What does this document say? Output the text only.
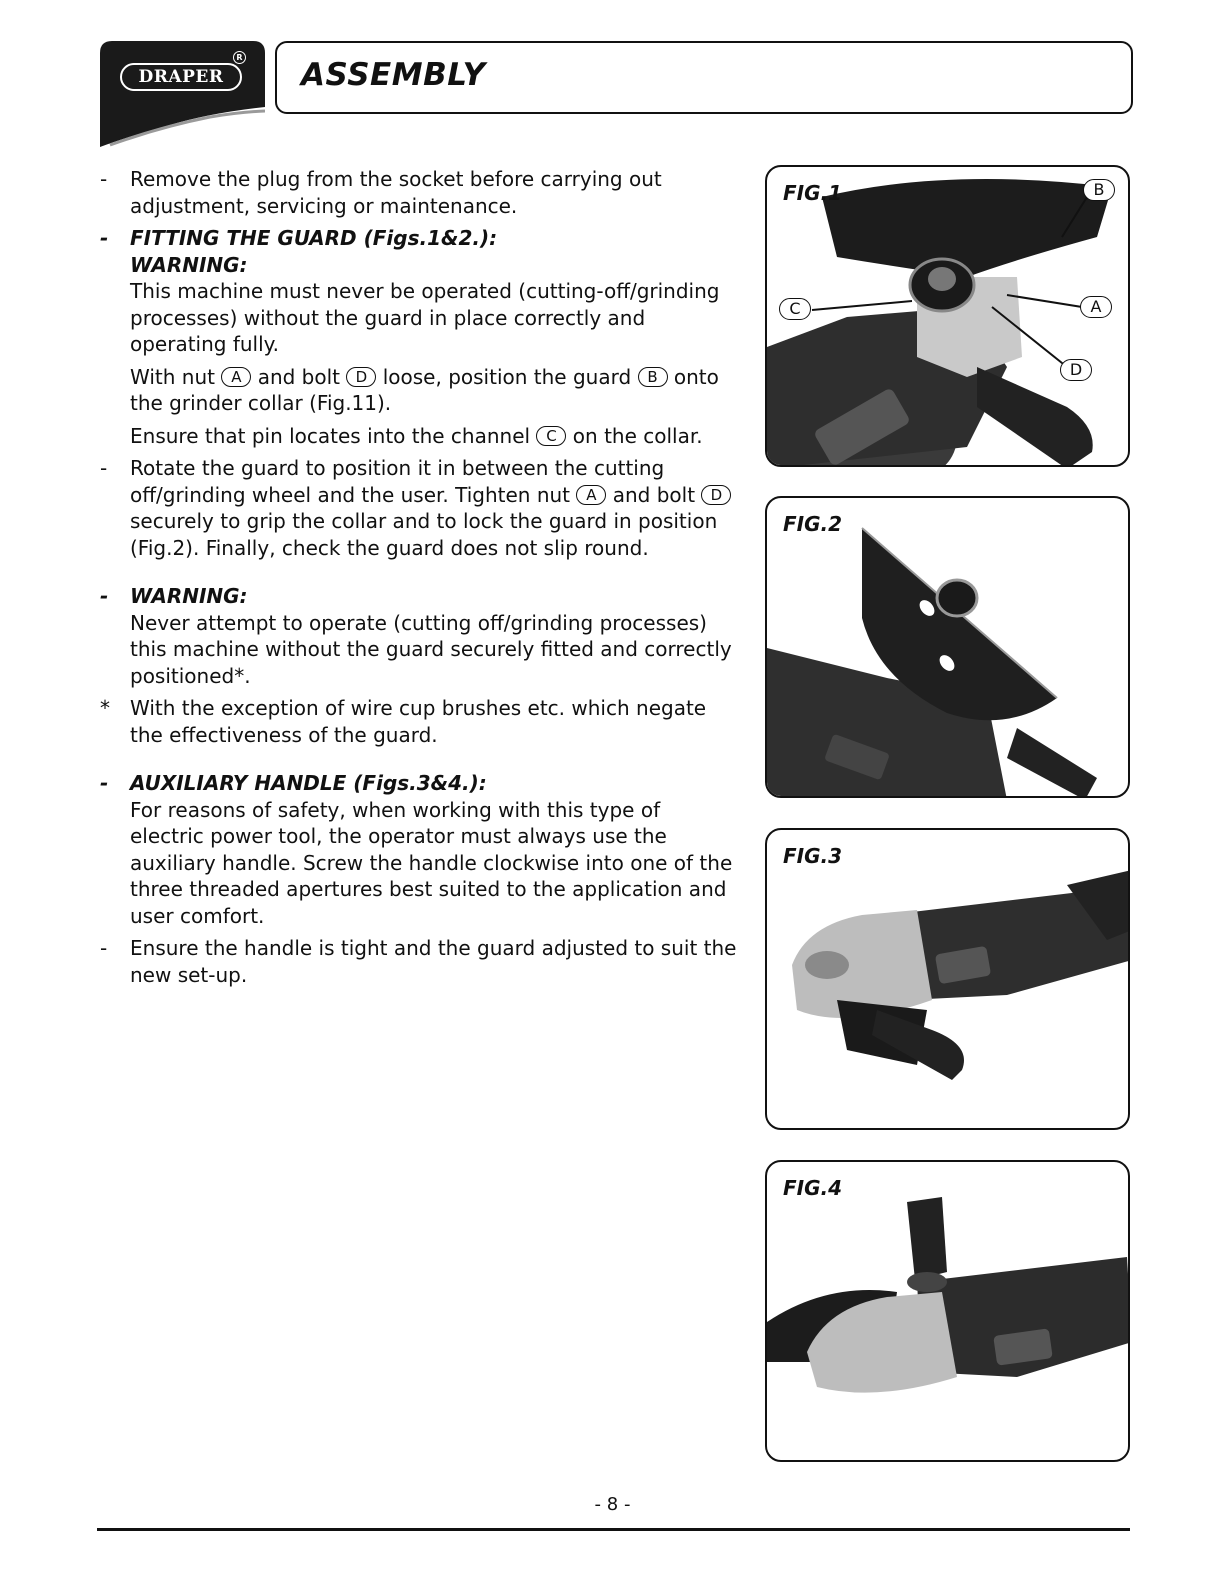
DRAPER
R ASSEMBLY
-	Remove the plug from the socket before carrying out adjustment, servicing or maintenance.
-	FITTING THE GUARD (Figs.1&2.):
WARNING:
This machine must never be operated (cutting-off/grinding processes) without the guard in place correctly and operating fully.
With nut A and bolt D loose, position the guard B onto the grinder collar (Fig.11).
Ensure that pin locates into the channel C on the collar.
-	Rotate the guard to position it in between the cutting off/grinding wheel and the user. Tighten nut A and bolt D securely to grip the collar and to lock the guard in position (Fig.2). Finally, check the guard does not slip round.
-	WARNING:
Never attempt to operate (cutting off/grinding processes) this machine without the guard securely fitted and correctly positioned*.
*	With the exception of wire cup brushes etc. which negate the effectiveness of the guard.
-	AUXILIARY HANDLE (Figs.3&4.):
For reasons of safety, when working with this type of electric power tool, the operator must always use the auxiliary handle. Screw the handle clockwise into one of the three threaded apertures best suited to the application and user comfort.
-	Ensure the handle is tight and the guard adjusted to suit the new set-up.
FIG.1	B
C	A
D
FIG.2
FIG.3
FIG.4
- 8 -
